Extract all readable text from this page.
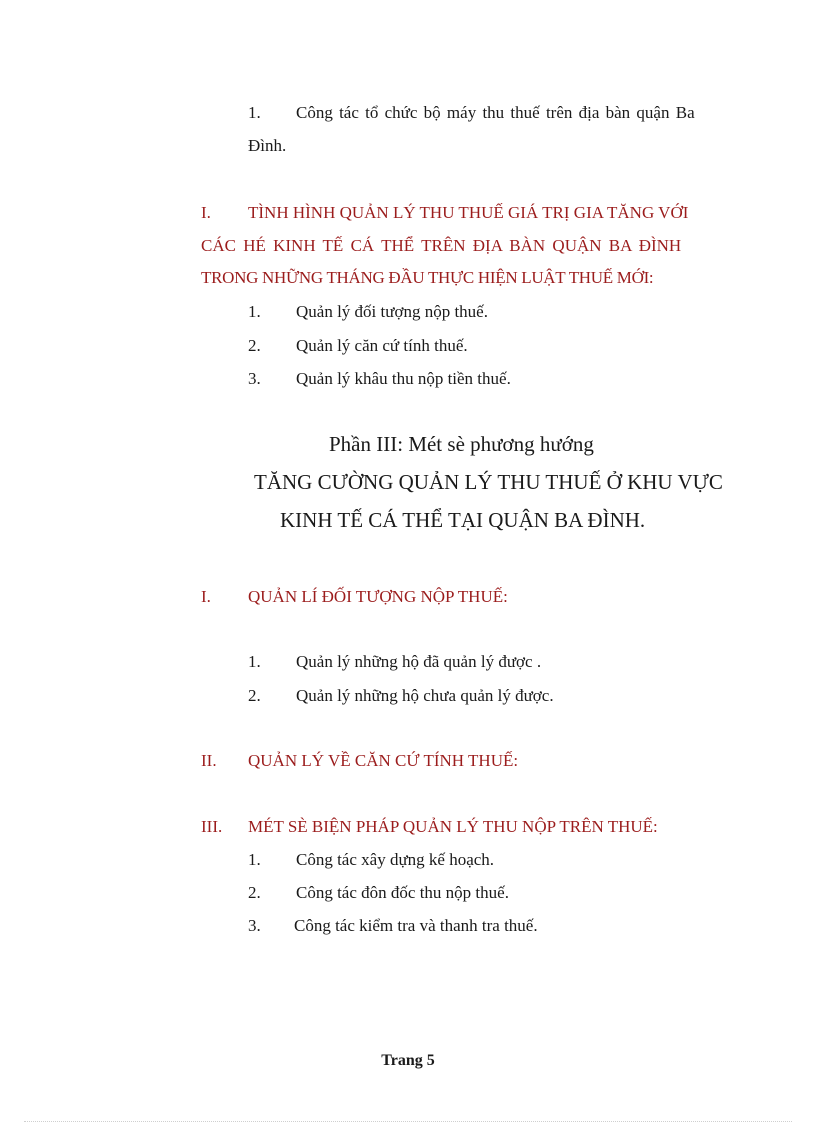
1. Công tác tổ chức bộ máy thu thuế trên địa bàn quận Ba
Đình.
I. TÌNH HÌNH QUẢN LÝ THU THUẾ GIÁ TRỊ GIA TĂNG VỚI
CÁC HÉ KINH TẾ CÁ THỂ TRÊN ĐỊA BÀN QUẬN BA ĐÌNH
TRONG NHỮNG THÁNG ĐẦU THỰC HIỆN LUẬT THUẾ MỚI:
1. Quản lý đối tượng nộp thuế.
2. Quản lý căn cứ tính thuế.
3. Quản lý khâu thu nộp tiền thuế.
Phần III: Mét sè phương hướng
TĂNG CƯỜNG QUẢN LÝ THU THUẾ Ở KHU VỰC
KINH TẾ CÁ THỂ TẠI QUẬN BA ĐÌNH.
I. QUẢN LÍ ĐỐI TƯỢNG NỘP THUẾ:
1. Quản lý những hộ đã quản lý được .
2. Quản lý những hộ chưa quản lý được.
II. QUẢN LÝ VỀ CĂN CỨ TÍNH THUẾ:
III. MÉT SÈ BIỆN PHÁP QUẢN LÝ THU NỘP TRÊN THUẾ:
1. Công tác xây dựng kế hoạch.
2. Công tác đôn đốc thu nộp thuế.
3. Công tác kiểm tra và thanh tra thuế.
Trang 5
